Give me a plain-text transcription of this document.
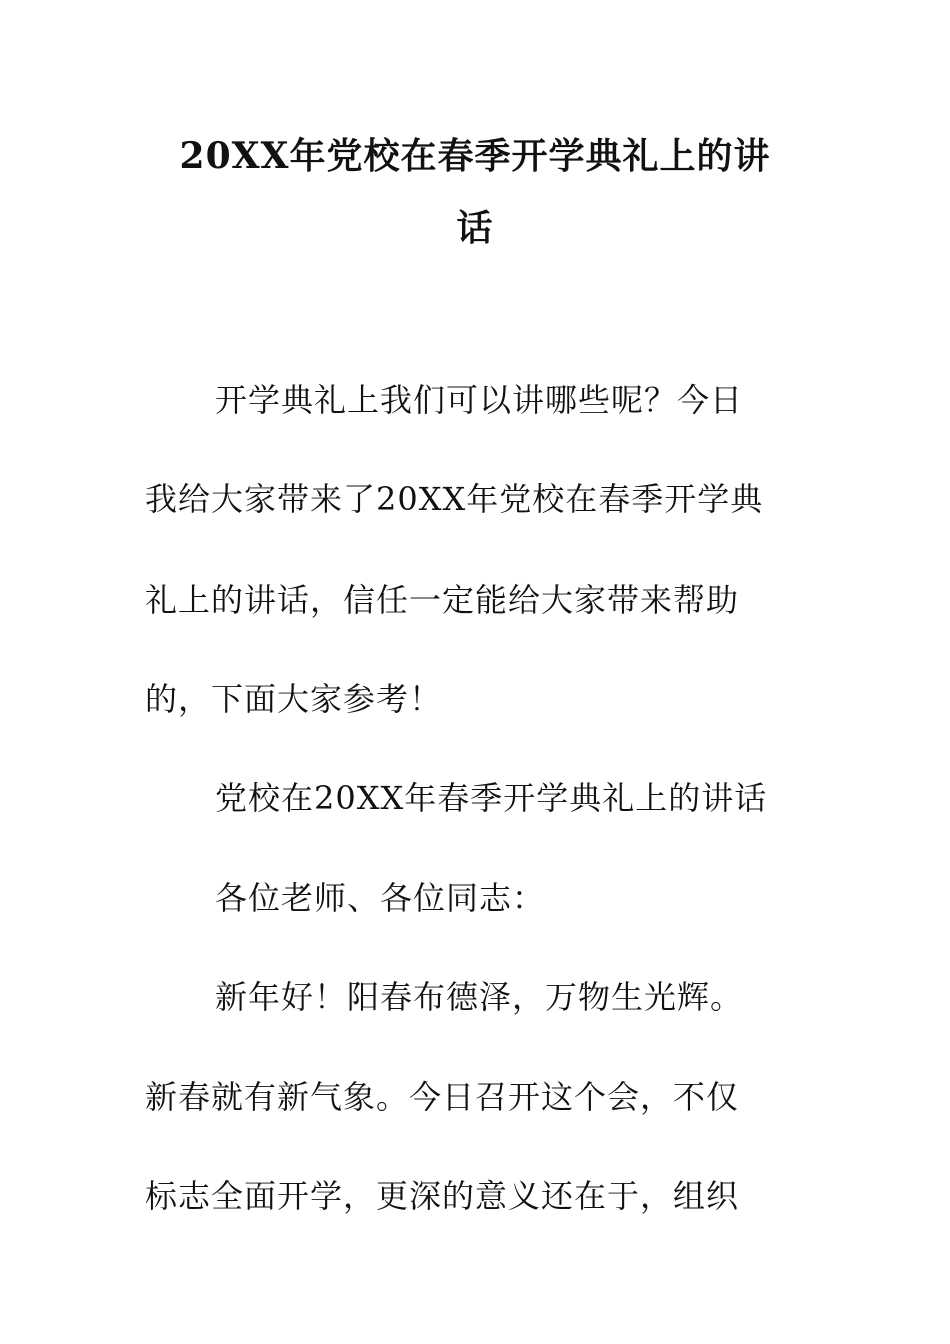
20XX年党校在春季开学典礼上的讲
话
开学典礼上我们可以讲哪些呢？今日
我给大家带来了20XX年党校在春季开学典
礼上的讲话，信任一定能给大家带来帮助
的，下面大家参考！
党校在20XX年春季开学典礼上的讲话
各位老师、各位同志：
新年好！阳春布德泽，万物生光辉。
新春就有新气象。今日召开这个会，不仅
标志全面开学，更深的意义还在于，组织
